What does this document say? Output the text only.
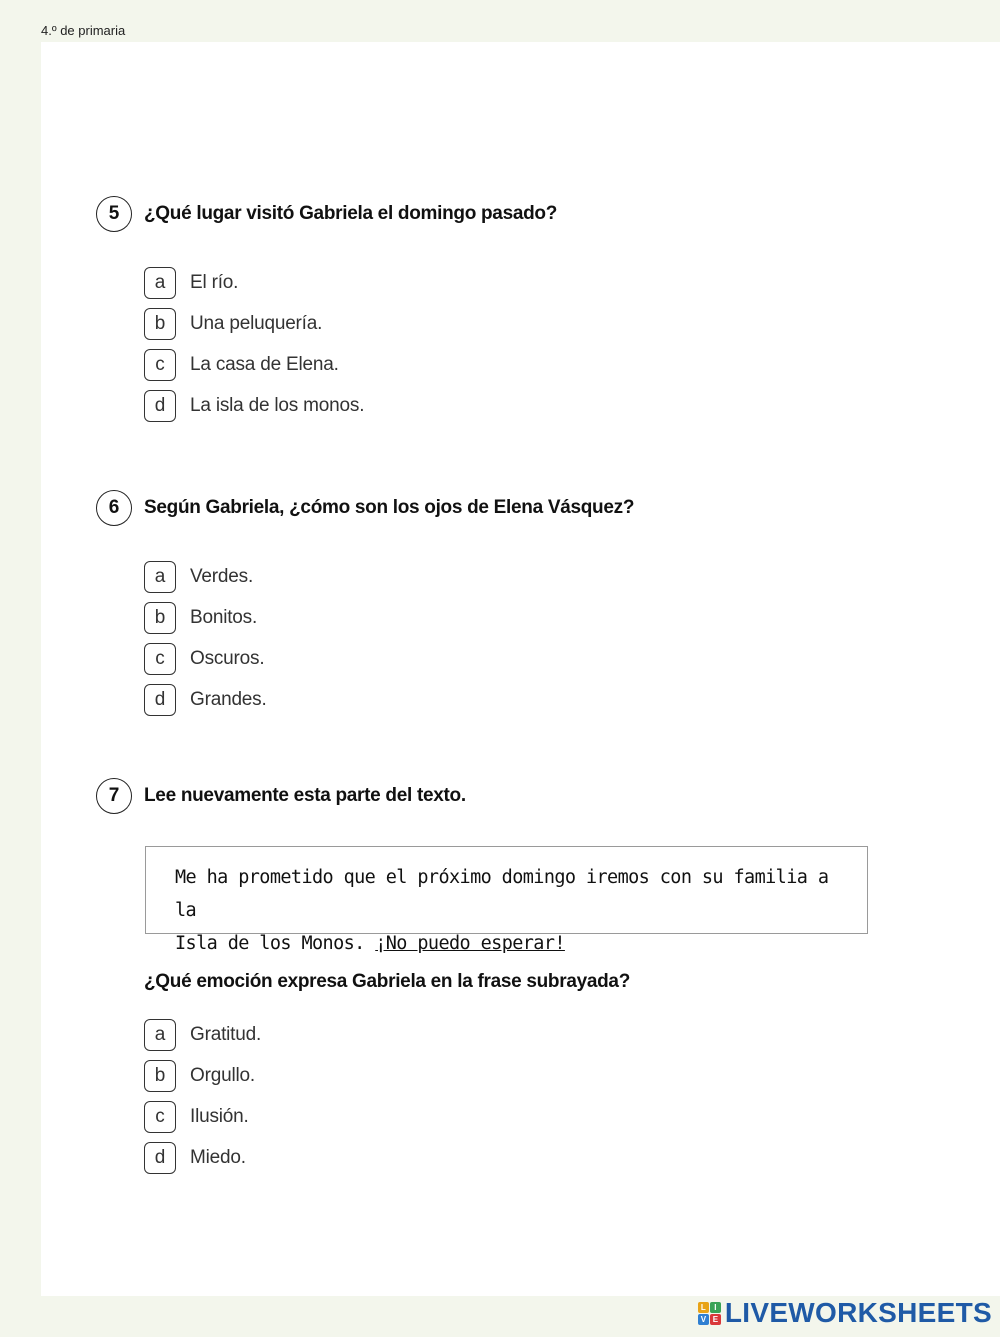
4.º de primaria
5	¿Qué lugar visitó Gabriela el domingo pasado?
a	El río.
b	Una peluquería.
c	La casa de Elena.
d	La isla de los monos.
6	Según Gabriela, ¿cómo son los ojos de Elena Vásquez?
a	Verdes.
b	Bonitos.
c	Oscuros.
d	Grandes.
7	Lee nuevamente esta parte del texto.
Me ha prometido que el próximo domingo iremos con su familia a la
Isla de los Monos. ¡No puedo esperar!
¿Qué emoción expresa Gabriela en la frase subrayada?
a	Gratitud.
b	Orgullo.
c	Ilusión.
d	Miedo.
L	I
V E LIVEWORKSHEETS
